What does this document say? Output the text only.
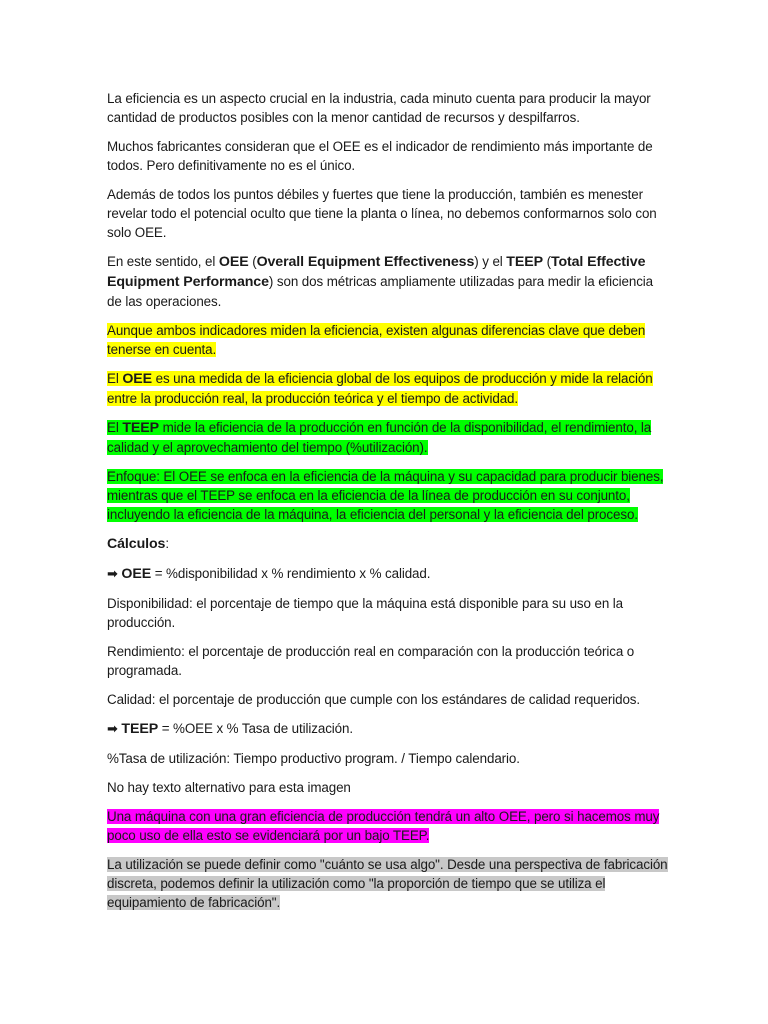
La eficiencia es un aspecto crucial en la industria, cada minuto cuenta para producir la mayor cantidad de productos posibles con la menor cantidad de recursos y despilfarros.

Muchos fabricantes consideran que el OEE es el indicador de rendimiento más importante de todos. Pero definitivamente no es el único.

Además de todos los puntos débiles y fuertes que tiene la producción, también es menester revelar todo el potencial oculto que tiene la planta o línea, no debemos conformarnos solo con solo OEE.

En este sentido, el OEE (Overall Equipment Effectiveness) y el TEEP (Total Effective Equipment Performance) son dos métricas ampliamente utilizadas para medir la eficiencia de las operaciones.

Aunque ambos indicadores miden la eficiencia, existen algunas diferencias clave que deben tenerse en cuenta.

El OEE es una medida de la eficiencia global de los equipos de producción y mide la relación entre la producción real, la producción teórica y el tiempo de actividad.

El TEEP mide la eficiencia de la producción en función de la disponibilidad, el rendimiento, la calidad y el aprovechamiento del tiempo (%utilización).

Enfoque: El OEE se enfoca en la eficiencia de la máquina y su capacidad para producir bienes, mientras que el TEEP se enfoca en la eficiencia de la línea de producción en su conjunto, incluyendo la eficiencia de la máquina, la eficiencia del personal y la eficiencia del proceso.

Cálculos:

➡ OEE = %disponibilidad x % rendimiento x % calidad.

Disponibilidad: el porcentaje de tiempo que la máquina está disponible para su uso en la producción.

Rendimiento: el porcentaje de producción real en comparación con la producción teórica o programada.

Calidad: el porcentaje de producción que cumple con los estándares de calidad requeridos.

➡ TEEP = %OEE x % Tasa de utilización.

%Tasa de utilización: Tiempo productivo program. / Tiempo calendario.

No hay texto alternativo para esta imagen

Una máquina con una gran eficiencia de producción tendrá un alto OEE, pero si hacemos muy poco uso de ella esto se evidenciará por un bajo TEEP.

La utilización se puede definir como "cuánto se usa algo". Desde una perspectiva de fabricación discreta, podemos definir la utilización como "la proporción de tiempo que se utiliza el equipamiento de fabricación".
